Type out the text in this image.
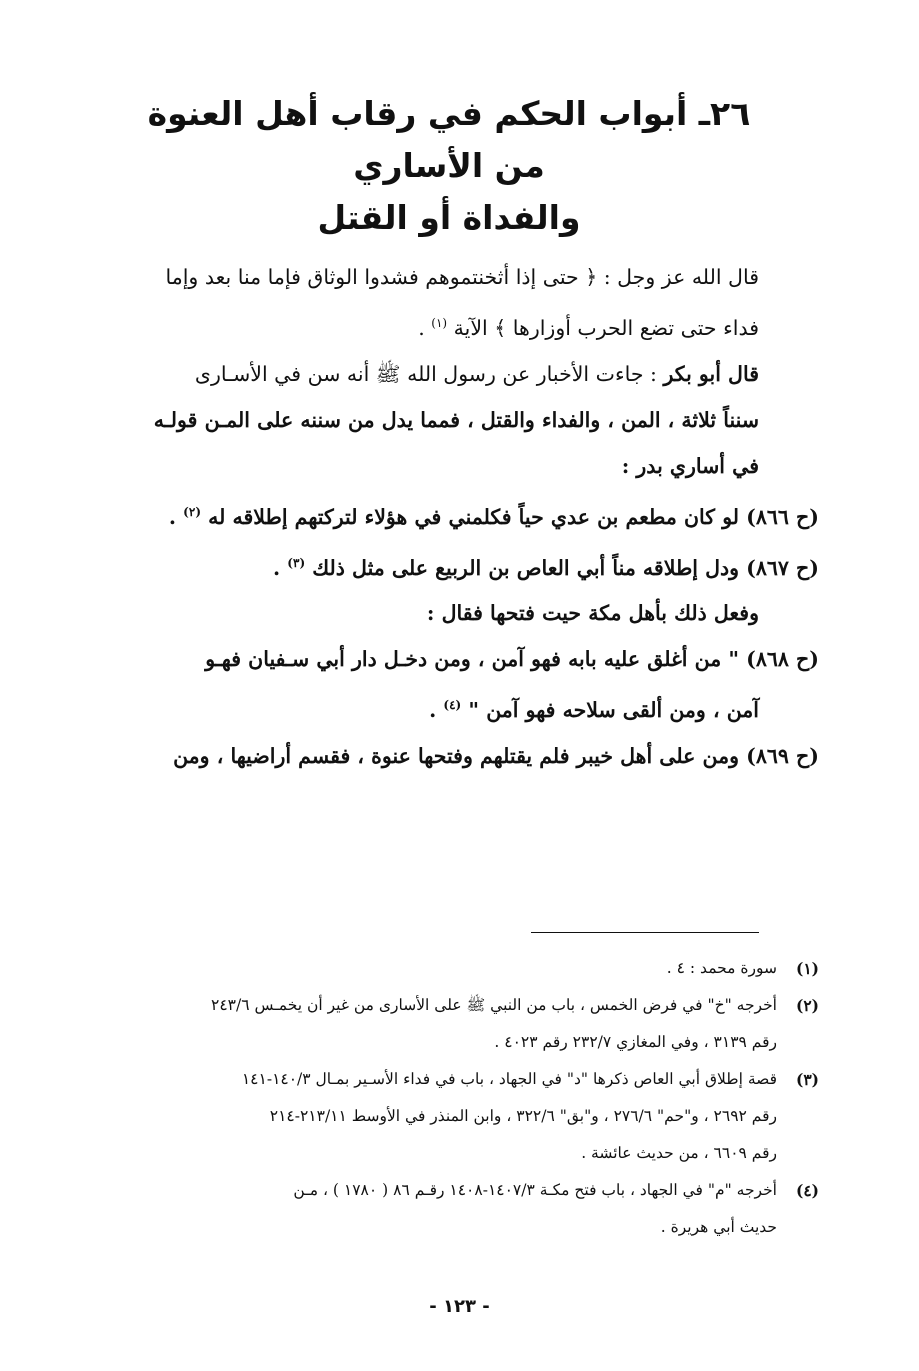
٢٦ـ أبواب الحكم في رقاب أهل العنوة من الأساري
والفداة أو القتل

قال الله عز وجل : ﴿ حتى إذا أثخنتموهم فشدوا الوثاق فإما منا بعد وإما

فداء حتى تضع الحرب أوزارها ﴾ الآية $^{(١)}$ .

قال أبو بكر : جاءت الأخبار عن رسول الله ﷺ أنه سن في الأسـارى

سنناً ثلاثة ، المن ، والفداء والقتل ، فمما يدل من سننه على المـن قولـه

في أساري بدر :

(ح ٨٦٦) لو كان مطعم بن عدي حياً فكلمني في هؤلاء لتركتهم إطلاقه له $^{(٢)}$ .

(ح ٨٦٧) ودل إطلاقه مناً أبي العاص بن الربيع على مثل ذلك $^{(٣)}$ .

وفعل ذلك بأهل مكة حيت فتحها فقال :

(ح ٨٦٨) " من أغلق عليه بابه فهو آمن ، ومن دخـل دار أبي سـفيان فهـو

آمن ، ومن ألقى سلاحه فهو آمن " $^{(٤)}$ .

(ح ٨٦٩) ومن على أهل خيبر فلم يقتلهم وفتحها عنوة ، فقسم أراضيها ، ومن

(١)
سورة محمد : ٤ .
(٢)
أخرجه "خ" في فرض الخمس ، باب من النبي ﷺ على الأسارى من غير أن يخمـس ٢٤٣/٦
رقم ٣١٣٩ ، وفي المغازي ٢٣٢/٧ رقم ٤٠٢٣ .
(٣)
قصة إطلاق أبي العاص ذكرها "د" في الجهاد ، باب في فداء الأسـير بمـال ١٤٠/٣-١٤١
رقم ٢٦٩٢ ، و"حم" ٢٧٦/٦ ، و"بق" ٣٢٢/٦ ، وابن المنذر في الأوسط ٢١٣/١١-٢١٤
رقم ٦٦٠٩ ، من حديث عائشة .
(٤)
أخرجه "م" في الجهاد ، باب فتح مكـة ١٤٠٧/٣-١٤٠٨ رقـم ٨٦ ( ١٧٨٠ ) ، مـن
حديث أبي هريرة .
- ١٢٣ -
